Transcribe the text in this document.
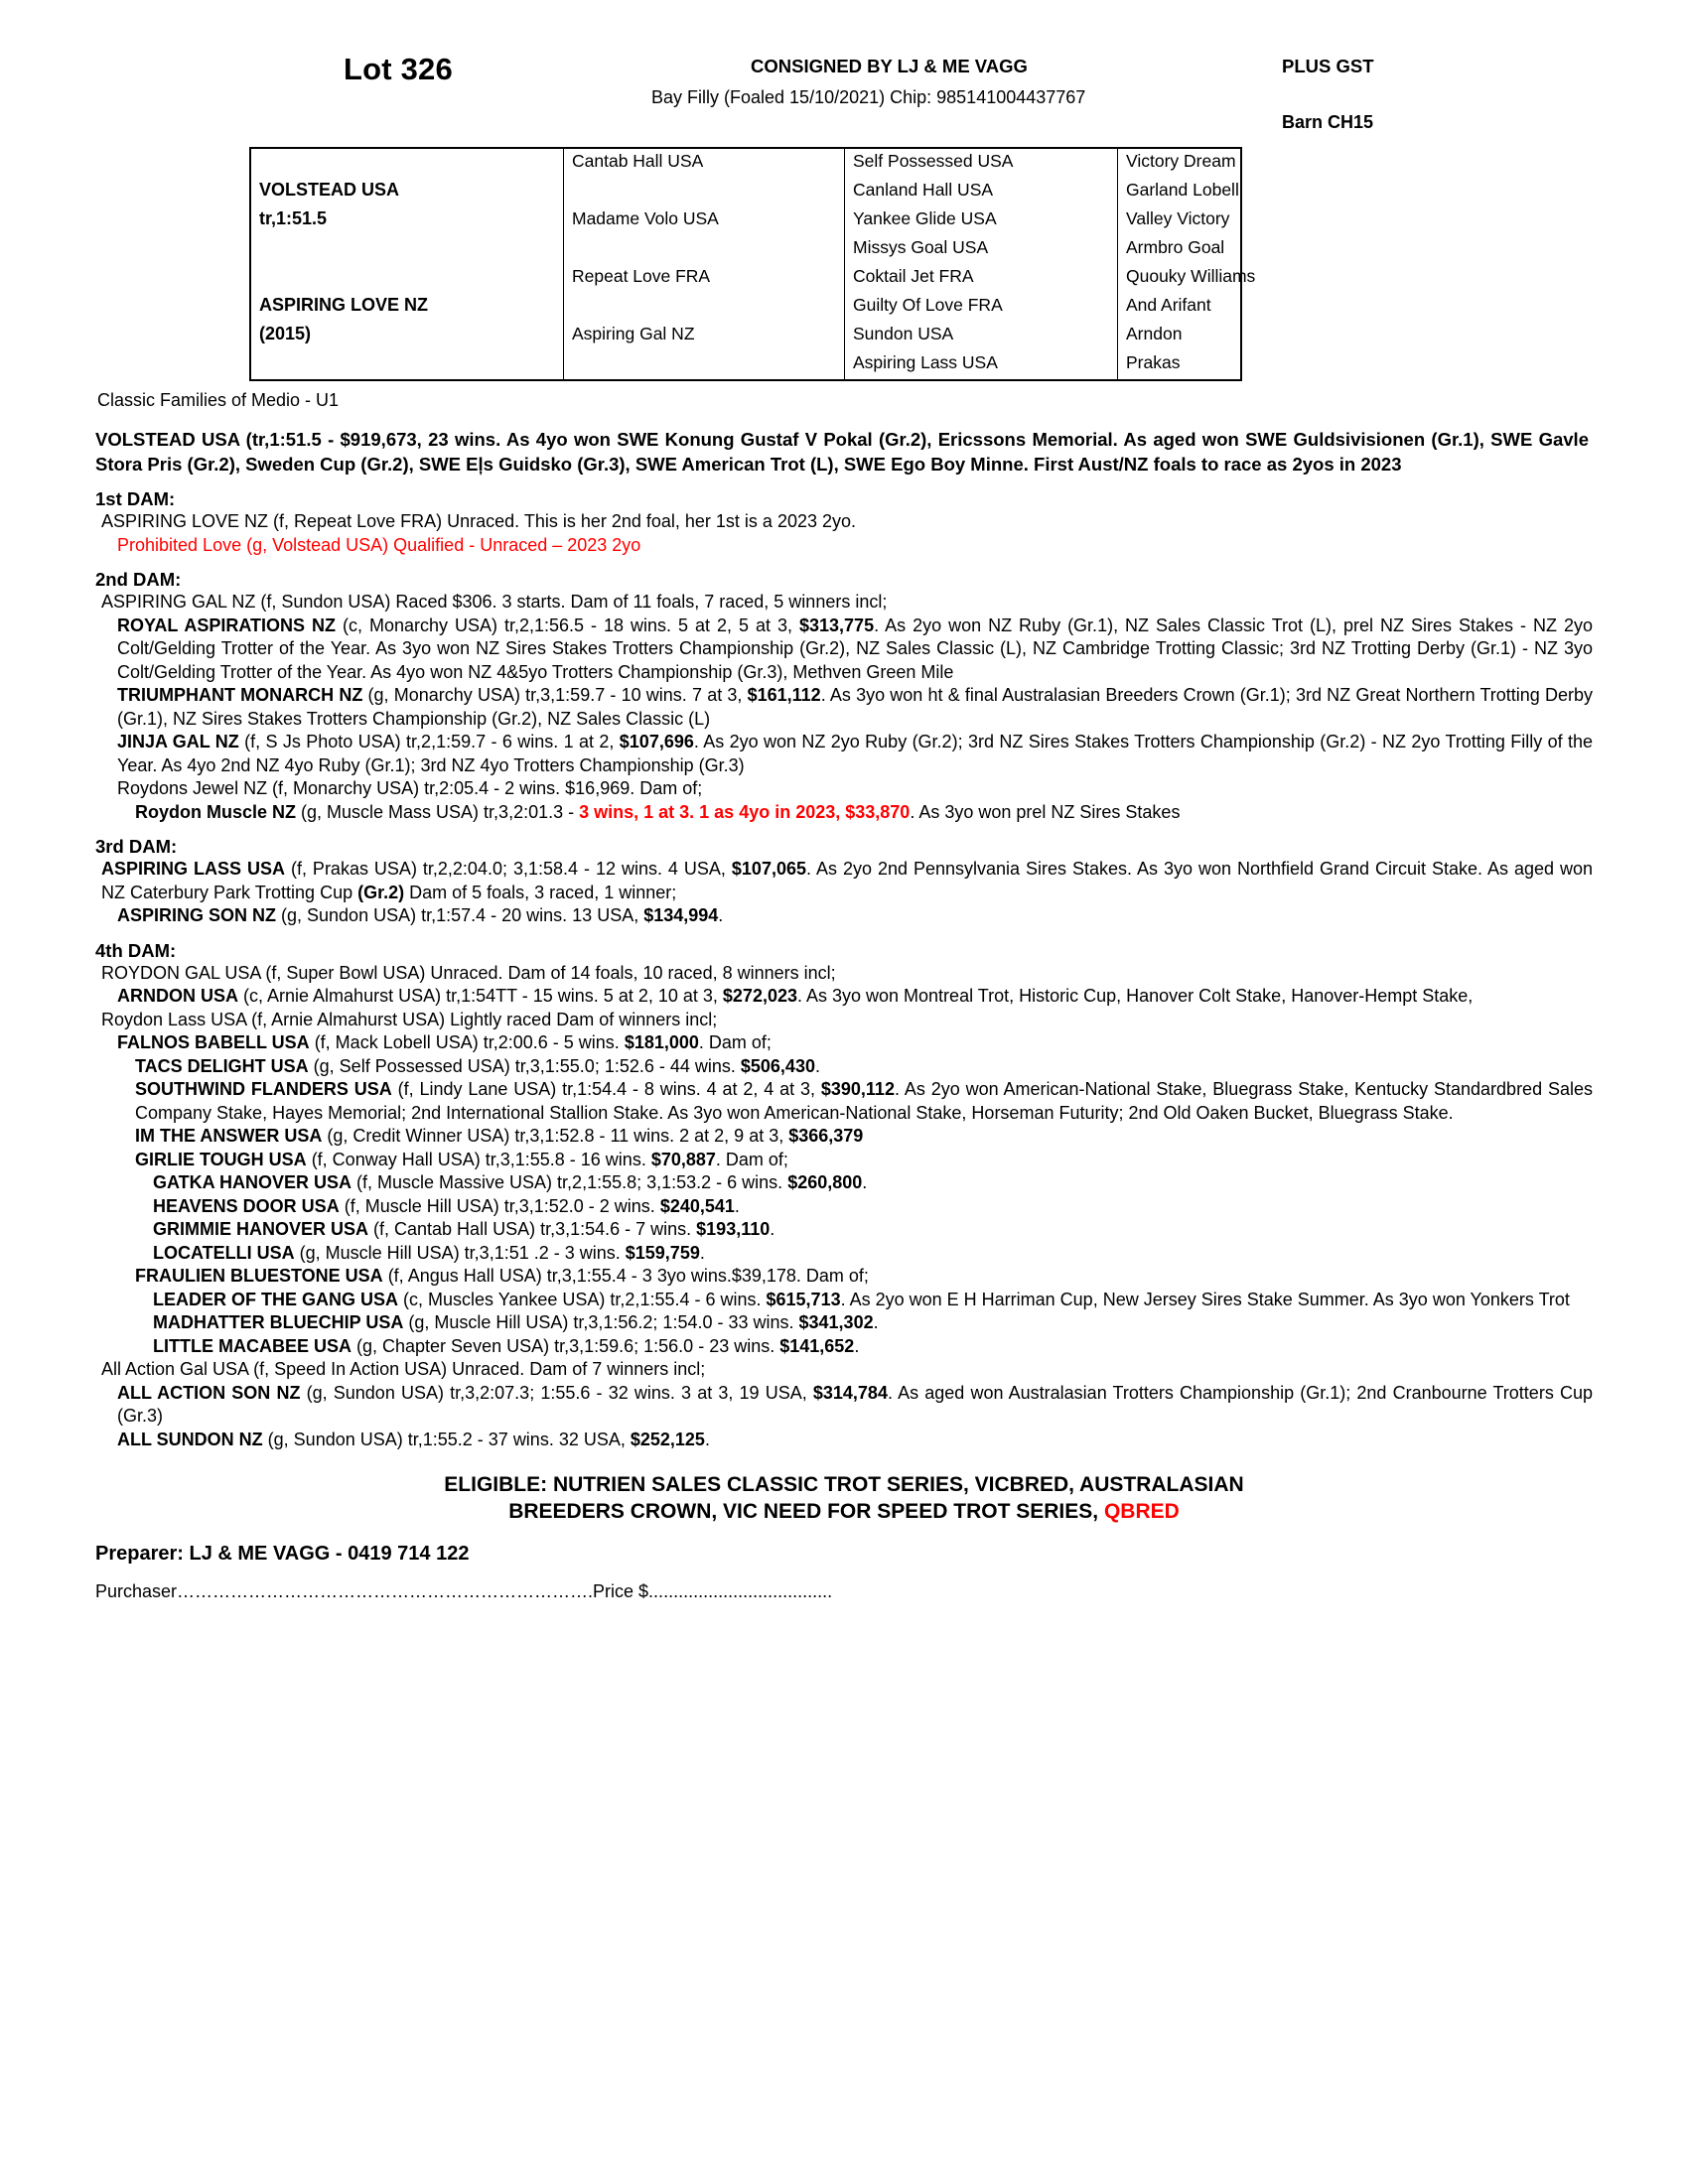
Lot 326	CONSIGNED BY LJ & ME VAGG	PLUS GST
Bay Filly (Foaled 15/10/2021) Chip: 985141004437767
Barn CH15
	Cantab Hall USA	Self Possessed USA	Victory Dream
VOLSTEAD USA		Canland Hall USA	Garland Lobell
tr,1:51.5	Madame Volo USA	Yankee Glide USA	Valley Victory
		Missys Goal USA	Armbro Goal
	Repeat Love FRA	Coktail Jet FRA	Quouky Williams
ASPIRING LOVE NZ		Guilty Of Love FRA	And Arifant
(2015)	Aspiring Gal NZ	Sundon USA	Arndon
		Aspiring Lass USA	Prakas
Classic Families of Medio - U1
VOLSTEAD USA (tr,1:51.5 - $919,673, 23 wins. As 4yo won SWE Konung Gustaf V Pokal (Gr.2), Ericssons Memorial. As aged won SWE Guldsivisionen (Gr.1), SWE Gavle Stora Pris (Gr.2), Sweden Cup (Gr.2), SWE Eļs Guidsko (Gr.3), SWE American Trot (L), SWE Ego Boy Minne. First Aust/NZ foals to race as 2yos in 2023
1st DAM:
ASPIRING LOVE NZ (f, Repeat Love FRA) Unraced. This is her 2nd foal, her 1st is a 2023 2yo.
Prohibited Love (g, Volstead USA) Qualified - Unraced – 2023 2yo
2nd DAM:
ASPIRING GAL NZ (f, Sundon USA) Raced $306. 3 starts. Dam of 11 foals, 7 raced, 5 winners incl;
ROYAL ASPIRATIONS NZ (c, Monarchy USA) tr,2,1:56.5 - 18 wins. 5 at 2, 5 at 3, $313,775. As 2yo won NZ Ruby (Gr.1), NZ Sales Classic Trot (L), prel NZ Sires Stakes - NZ 2yo Colt/Gelding Trotter of the Year. As 3yo won NZ Sires Stakes Trotters Championship (Gr.2), NZ Sales Classic (L), NZ Cambridge Trotting Classic; 3rd NZ Trotting Derby (Gr.1) - NZ 3yo Colt/Gelding Trotter of the Year. As 4yo won NZ 4&5yo Trotters Championship (Gr.3), Methven Green Mile
TRIUMPHANT MONARCH NZ (g, Monarchy USA) tr,3,1:59.7 - 10 wins. 7 at 3, $161,112. As 3yo won ht & final Australasian Breeders Crown (Gr.1); 3rd NZ Great Northern Trotting Derby (Gr.1), NZ Sires Stakes Trotters Championship (Gr.2), NZ Sales Classic (L)
JINJA GAL NZ (f, S Js Photo USA) tr,2,1:59.7 - 6 wins. 1 at 2, $107,696. As 2yo won NZ 2yo Ruby (Gr.2); 3rd NZ Sires Stakes Trotters Championship (Gr.2) - NZ 2yo Trotting Filly of the Year. As 4yo 2nd NZ 4yo Ruby (Gr.1); 3rd NZ 4yo Trotters Championship (Gr.3)
Roydons Jewel NZ (f, Monarchy USA) tr,2:05.4 - 2 wins. $16,969. Dam of;
Roydon Muscle NZ (g, Muscle Mass USA) tr,3,2:01.3 - 3 wins, 1 at 3. 1 as 4yo in 2023, $33,870. As 3yo won prel NZ Sires Stakes
3rd DAM:
ASPIRING LASS USA (f, Prakas USA) tr,2,2:04.0; 3,1:58.4 - 12 wins. 4 USA, $107,065. As 2yo 2nd Pennsylvania Sires Stakes. As 3yo won Northfield Grand Circuit Stake. As aged won NZ Caterbury Park Trotting Cup (Gr.2) Dam of 5 foals, 3 raced, 1 winner;
ASPIRING SON NZ (g, Sundon USA) tr,1:57.4 - 20 wins. 13 USA, $134,994.
4th DAM:
ROYDON GAL USA (f, Super Bowl USA) Unraced. Dam of 14 foals, 10 raced, 8 winners incl;
ARNDON USA (c, Arnie Almahurst USA) tr,1:54TT - 15 wins. 5 at 2, 10 at 3, $272,023. As 3yo won Montreal Trot, Historic Cup, Hanover Colt Stake, Hanover-Hempt Stake,
Roydon Lass USA (f, Arnie Almahurst USA) Lightly raced Dam of winners incl;
FALNOS BABELL USA (f, Mack Lobell USA) tr,2:00.6 - 5 wins. $181,000. Dam of;
TACS DELIGHT USA (g, Self Possessed USA) tr,3,1:55.0; 1:52.6 - 44 wins. $506,430.
SOUTHWIND FLANDERS USA (f, Lindy Lane USA) tr,1:54.4 - 8 wins. 4 at 2, 4 at 3, $390,112. As 2yo won American-National Stake, Bluegrass Stake, Kentucky Standardbred Sales Company Stake, Hayes Memorial; 2nd International Stallion Stake. As 3yo won American-National Stake, Horseman Futurity; 2nd Old Oaken Bucket, Bluegrass Stake.
IM THE ANSWER USA (g, Credit Winner USA) tr,3,1:52.8 - 11 wins. 2 at 2, 9 at 3, $366,379
GIRLIE TOUGH USA (f, Conway Hall USA) tr,3,1:55.8 - 16 wins. $70,887. Dam of;
GATKA HANOVER USA (f, Muscle Massive USA) tr,2,1:55.8; 3,1:53.2 - 6 wins. $260,800.
HEAVENS DOOR USA (f, Muscle Hill USA) tr,3,1:52.0 - 2 wins. $240,541.
GRIMMIE HANOVER USA (f, Cantab Hall USA) tr,3,1:54.6 - 7 wins. $193,110.
LOCATELLI USA (g, Muscle Hill USA) tr,3,1:51 .2 - 3 wins. $159,759.
FRAULIEN BLUESTONE USA (f, Angus Hall USA) tr,3,1:55.4 - 3 3yo wins.$39,178. Dam of;
LEADER OF THE GANG USA (c, Muscles Yankee USA) tr,2,1:55.4 - 6 wins. $615,713. As 2yo won E H Harriman Cup, New Jersey Sires Stake Summer. As 3yo won Yonkers Trot
MADHATTER BLUECHIP USA (g, Muscle Hill USA) tr,3,1:56.2; 1:54.0 - 33 wins. $341,302.
LITTLE MACABEE USA (g, Chapter Seven USA) tr,3,1:59.6; 1:56.0 - 23 wins. $141,652.
All Action Gal USA (f, Speed In Action USA) Unraced. Dam of 7 winners incl;
ALL ACTION SON NZ (g, Sundon USA) tr,3,2:07.3; 1:55.6 - 32 wins. 3 at 3, 19 USA, $314,784. As aged won Australasian Trotters Championship (Gr.1); 2nd Cranbourne Trotters Cup (Gr.3)
ALL SUNDON NZ (g, Sundon USA) tr,1:55.2 - 37 wins. 32 USA, $252,125.
ELIGIBLE: NUTRIEN SALES CLASSIC TROT SERIES, VICBRED, AUSTRALASIAN
BREEDERS CROWN, VIC NEED FOR SPEED TROT SERIES, QBRED
Preparer: LJ & ME VAGG - 0419 714 122
Purchaser…………………………………………………………….Price $.....................................
